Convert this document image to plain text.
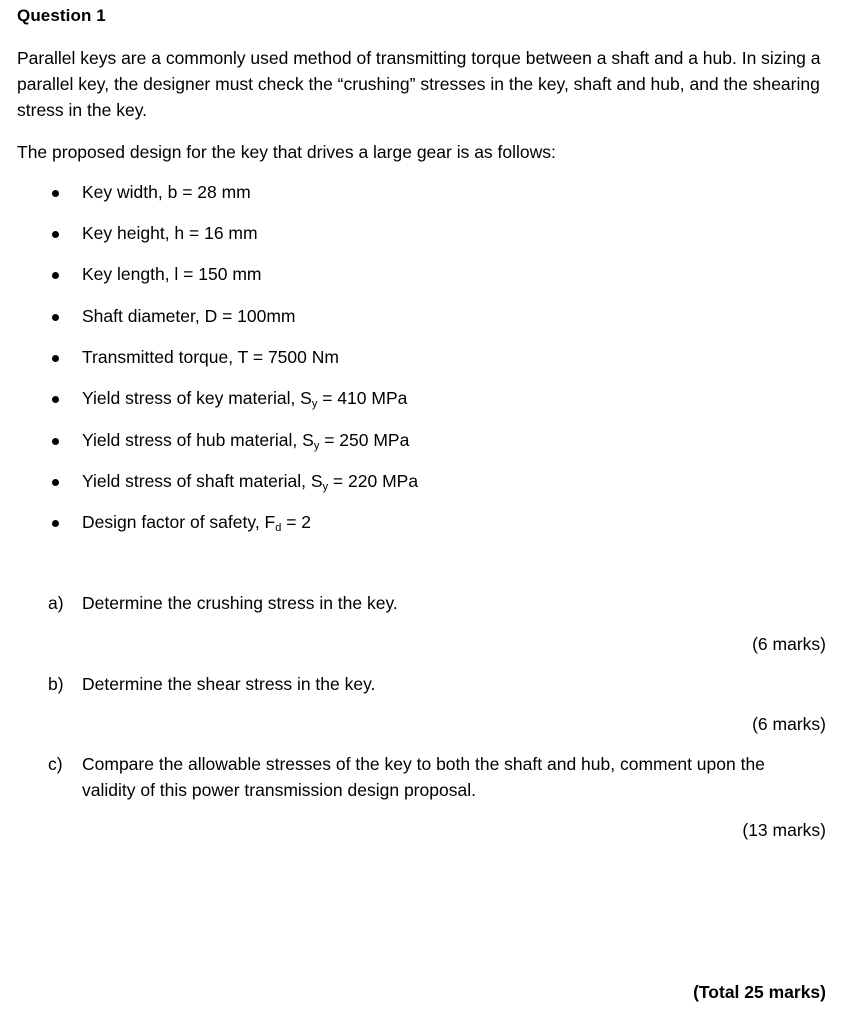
Question 1
Parallel keys are a commonly used method of transmitting torque between a shaft and a hub. In sizing a parallel key, the designer must check the “crushing” stresses in the key, shaft and hub, and the shearing stress in the key.
The proposed design for the key that drives a large gear is as follows:
Key width, b = 28 mm
Key height, h = 16 mm
Key length, l = 150 mm
Shaft diameter, D = 100mm
Transmitted torque, T = 7500 Nm
Yield stress of key material, $S_y = 410$ MPa
Yield stress of hub material, $S_y = 250$ MPa
Yield stress of shaft material, $S_y = 220$ MPa
Design factor of safety, $F_d = 2$
a) Determine the crushing stress in the key.
(6 marks)
b) Determine the shear stress in the key.
(6 marks)
c) Compare the allowable stresses of the key to both the shaft and hub, comment upon the validity of this power transmission design proposal.
(13 marks)
(Total 25 marks)
